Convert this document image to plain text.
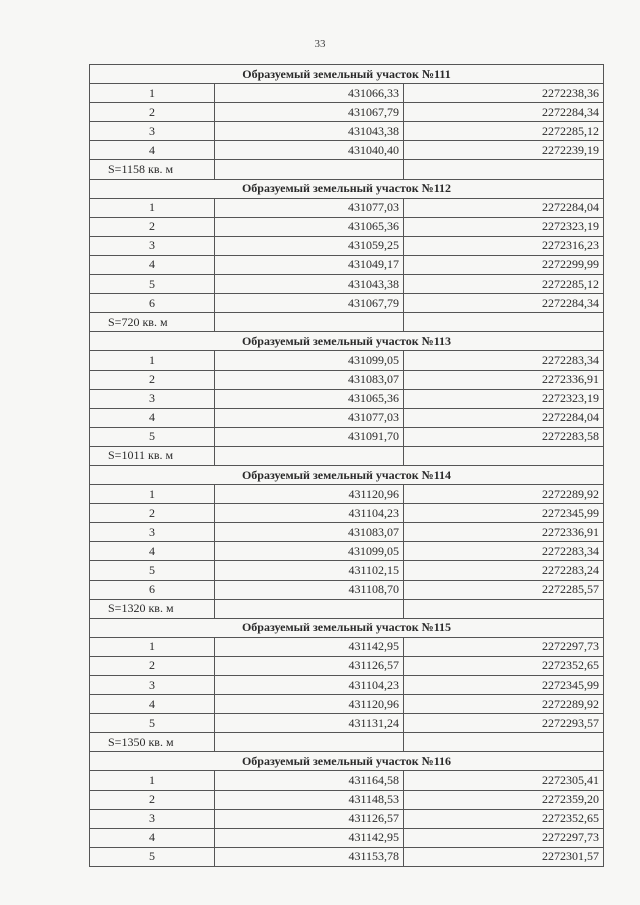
33
Образуемый земельный участок №111		
1	431066,33	2272238,36
2	431067,79	2272284,34
3	431043,38	2272285,12
4	431040,40	2272239,19
S=1158 кв. м		
Образуемый земельный участок №112		
1	431077,03	2272284,04
2	431065,36	2272323,19
3	431059,25	2272316,23
4	431049,17	2272299,99
5	431043,38	2272285,12
6	431067,79	2272284,34
S=720 кв. м		
Образуемый земельный участок №113		
1	431099,05	2272283,34
2	431083,07	2272336,91
3	431065,36	2272323,19
4	431077,03	2272284,04
5	431091,70	2272283,58
S=1011 кв. м		
Образуемый земельный участок №114		
1	431120,96	2272289,92
2	431104,23	2272345,99
3	431083,07	2272336,91
4	431099,05	2272283,34
5	431102,15	2272283,24
6	431108,70	2272285,57
S=1320 кв. м		
Образуемый земельный участок №115		
1	431142,95	2272297,73
2	431126,57	2272352,65
3	431104,23	2272345,99
4	431120,96	2272289,92
5	431131,24	2272293,57
S=1350 кв. м		
Образуемый земельный участок №116		
1	431164,58	2272305,41
2	431148,53	2272359,20
3	431126,57	2272352,65
4	431142,95	2272297,73
5	431153,78	2272301,57
